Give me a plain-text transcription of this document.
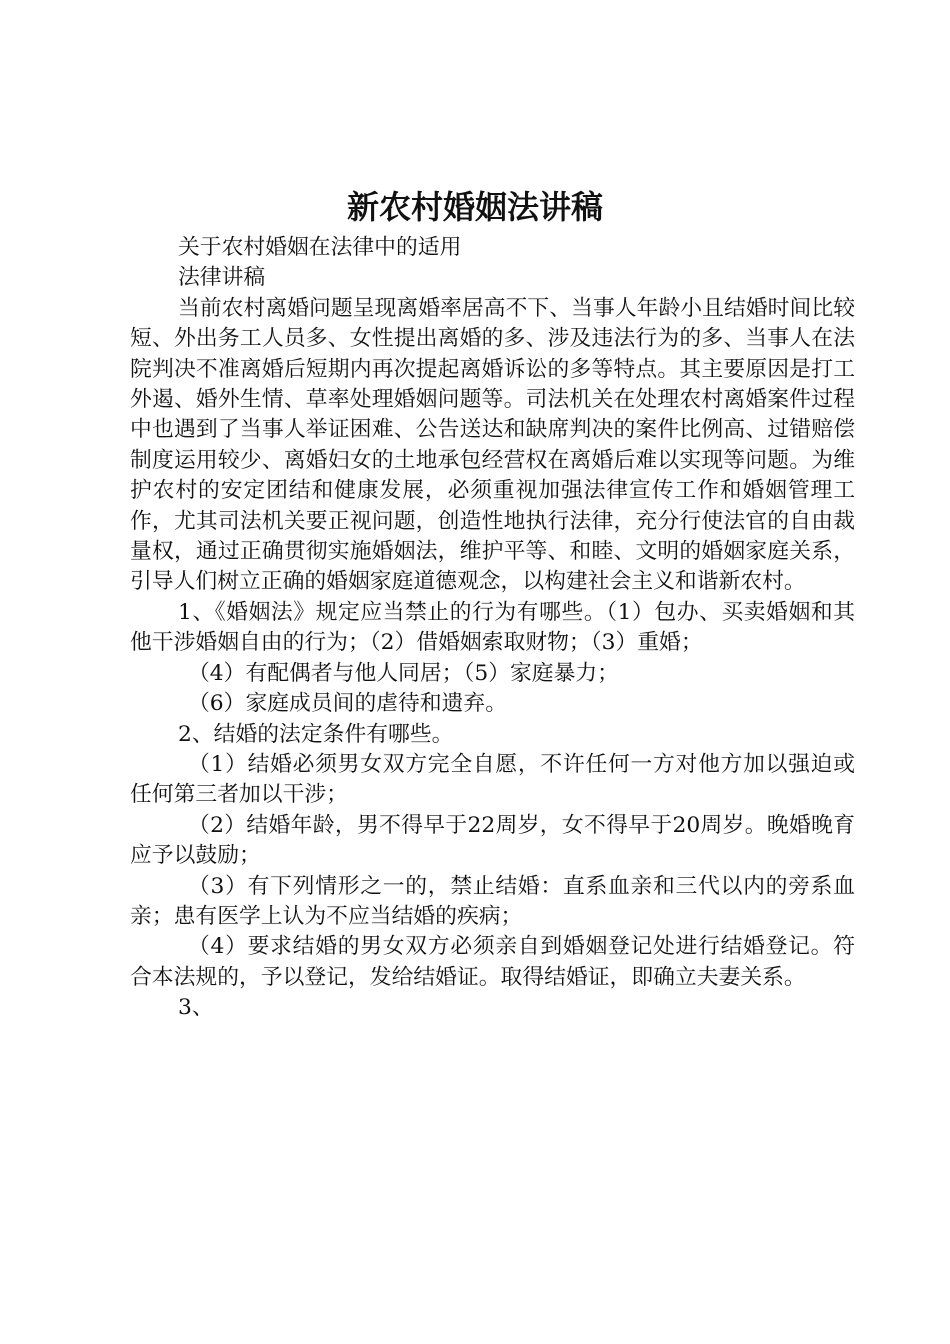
新农村婚姻法讲稿

关于农村婚姻在法律中的适用

法律讲稿

当前农村离婚问题呈现离婚率居高不下、当事人年龄小且结婚时间比较短、外出务工人员多、女性提出离婚的多、涉及违法行为的多、当事人在法院判决不准离婚后短期内再次提起离婚诉讼的多等特点。其主要原因是打工外遏、婚外生情、草率处理婚姻问题等。司法机关在处理农村离婚案件过程中也遇到了当事人举证困难、公告送达和缺席判决的案件比例高、过错赔偿制度运用较少、离婚妇女的土地承包经营权在离婚后难以实现等问题。为维护农村的安定团结和健康发展，必须重视加强法律宣传工作和婚姻管理工作，尤其司法机关要正视问题，创造性地执行法律，充分行使法官的自由裁量权，通过正确贯彻实施婚姻法，维护平等、和睦、文明的婚姻家庭关系，引导人们树立正确的婚姻家庭道德观念，以构建社会主义和谐新农村。

1、《婚姻法》规定应当禁止的行为有哪些。（1）包办、买卖婚姻和其他干涉婚姻自由的行为；（2）借婚姻索取财物；（3）重婚；

（4）有配偶者与他人同居；（5）家庭暴力；

（6）家庭成员间的虐待和遗弃。

2、结婚的法定条件有哪些。

（1）结婚必须男女双方完全自愿，不许任何一方对他方加以强迫或任何第三者加以干涉；

（2）结婚年龄，男不得早于22周岁，女不得早于20周岁。晚婚晚育应予以鼓励；

（3）有下列情形之一的，禁止结婚：直系血亲和三代以内的旁系血亲；患有医学上认为不应当结婚的疾病；

（4）要求结婚的男女双方必须亲自到婚姻登记处进行结婚登记。符合本法规的，予以登记，发给结婚证。取得结婚证，即确立夫妻关系。

3、
